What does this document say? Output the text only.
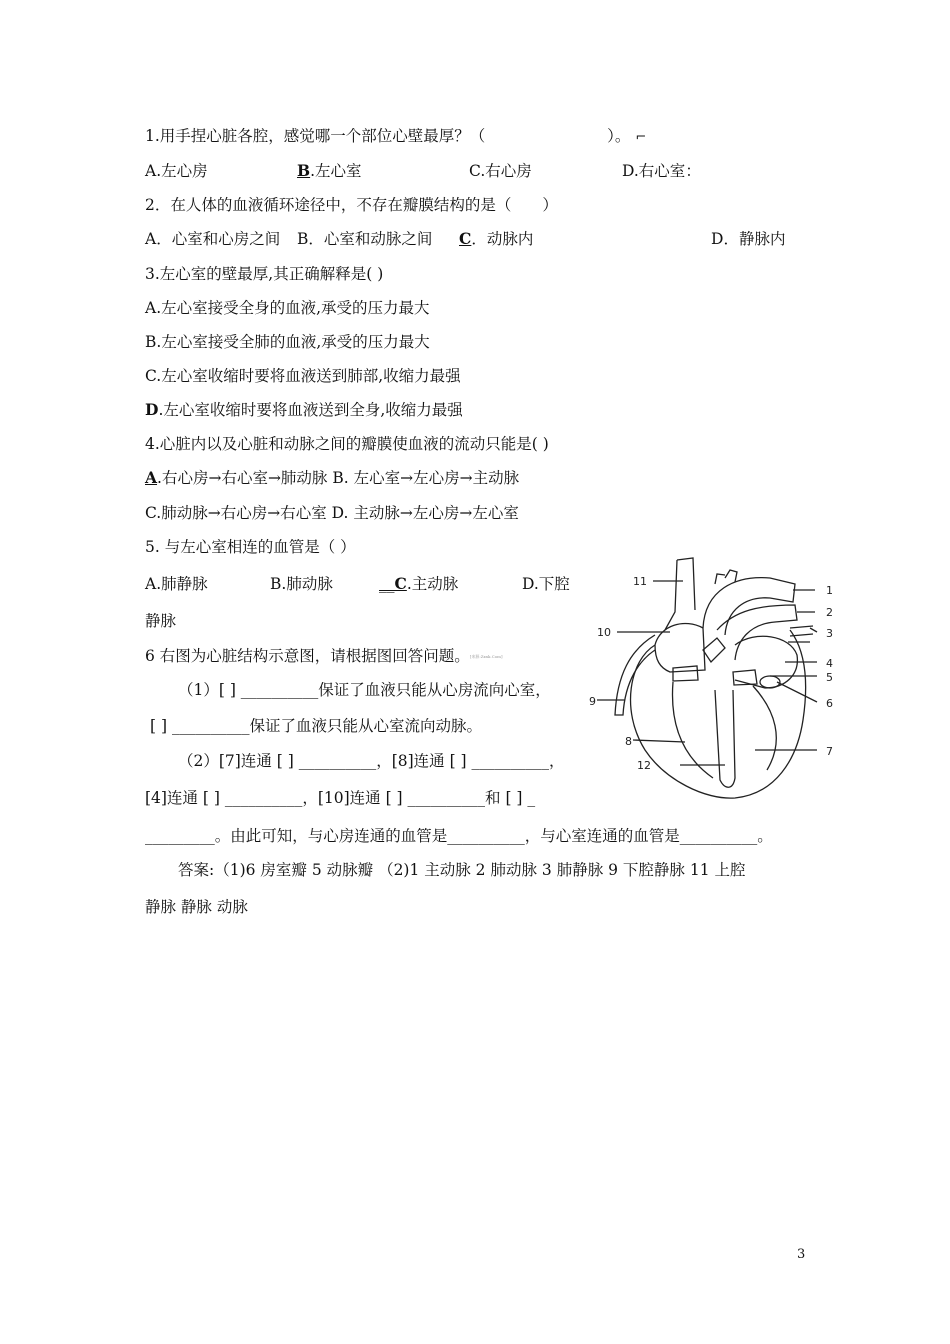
1.用手捏心脏各腔，感觉哪一个部位心壁最厚？（	）。 ⌐
A.左心房	B.左心室	C.右心房	D.右心室：
2．在人体的血液循环途径中，不存在瓣膜结构的是（　　）
A．心室和心房之间 B．心室和动脉之间 C．动脉内	D．静脉内
3.左心室的壁最厚,其正确解释是( )
A.左心室接受全身的血液,承受的压力最大
B.左心室接受全肺的血液,承受的压力最大
C.左心室收缩时要将血液送到肺部,收缩力最强
D.左心室收缩时要将血液送到全身,收缩力最强
4.心脏内以及心脏和动脉之间的瓣膜使血液的流动只能是( )
A.右心房→右心室→肺动脉 B. 左心室→左心房→主动脉
C.肺动脉→右心房→右心室 D. 主动脉→左心房→左心室
5. 与左心室相连的血管是（ ）
A.肺静脉	B.肺动脉	__C.主动脉	D.下腔
静脉
6 右图为心脏结构示意图，请根据图回答问题。[来源:Zxxk.Com]
（1）[ ] __________保证了血液只能从心房流向心室，
[ ] __________保证了血液只能从心室流向动脉。
（2）[7]连通 [ ] __________，[8]连通 [ ] __________，
[4]连通 [ ] __________，[10]连通 [ ] __________和 [ ] _
_________。由此可知，与心房连通的血管是__________，与心室连通的血管是__________。
答案:（1)6 房室瓣 5 动脉瓣 （2)1 主动脉 2 肺动脉 3 肺静脉 9 下腔静脉 11 上腔
静脉 静脉 动脉
11
1
2
3
10
4
5
6
9
8
7
12
3
